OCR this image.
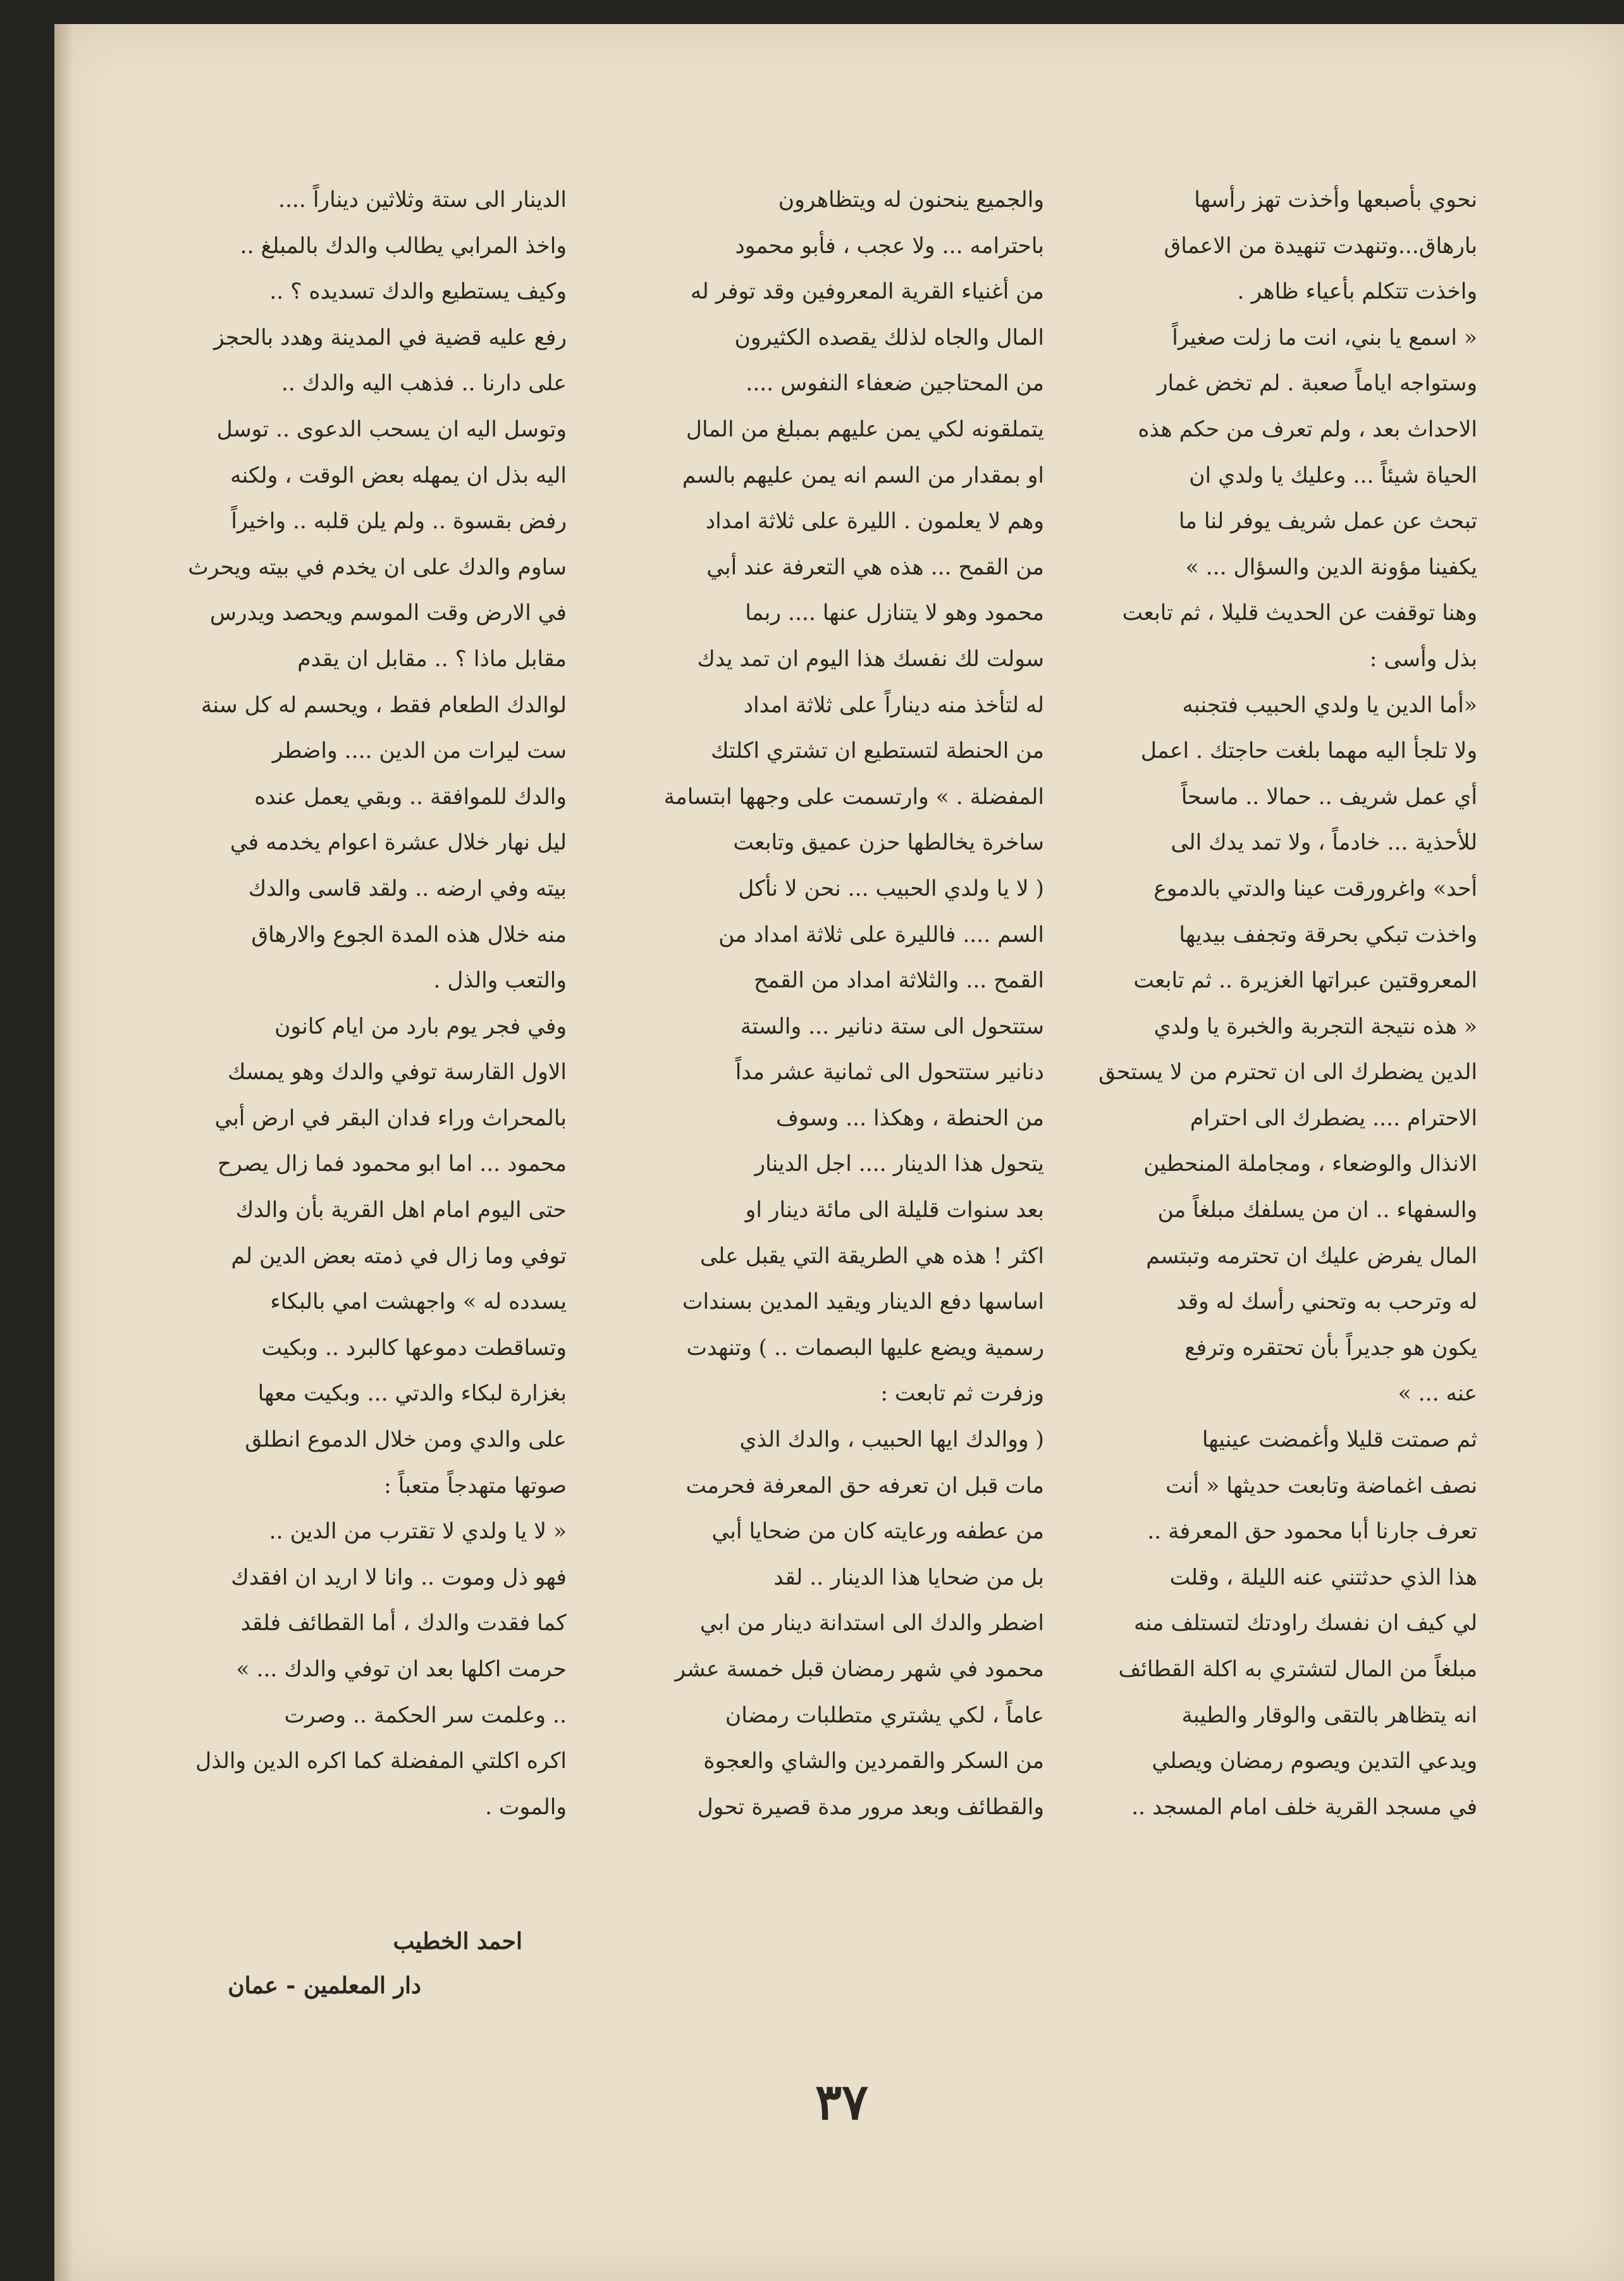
نحوي بأصبعها وأخذت تهز رأسها
بارهاق...وتنهدت تنهيدة من الاعماق
واخذت تتكلم بأعياء ظاهر .
« اسمع يا بني، انت ما زلت صغيراً
وستواجه اياماً صعبة . لم تخض غمار
الاحداث بعد ، ولم تعرف من حكم هذه
الحياة شيئاً ... وعليك يا ولدي ان
تبحث عن عمل شريف يوفر لنا ما
يكفينا مؤونة الدين والسؤال ... »
وهنا توقفت عن الحديث قليلا ، ثم تابعت
بذل وأسى :
«أما الدين يا ولدي الحبيب فتجنبه
ولا تلجأ اليه مهما بلغت حاجتك . اعمل
أي عمل شريف .. حمالا .. ماسحاً
للأحذية ... خادماً ، ولا تمد يدك الى
أحد» واغرورقت عينا والدتي بالدموع
واخذت تبكي بحرقة وتجفف بيديها
المعروقتين عبراتها الغزيرة .. ثم تابعت
« هذه نتيجة التجربة والخبرة يا ولدي
الدين يضطرك الى ان تحترم من لا يستحق
الاحترام .... يضطرك الى احترام
الانذال والوضعاء ، ومجاملة المنحطين
والسفهاء .. ان من يسلفك مبلغاً من
المال يفرض عليك ان تحترمه وتبتسم
له وترحب به وتحني رأسك له وقد
يكون هو جديراً بأن تحتقره وترفع
عنه ... »
ثم صمتت قليلا وأغمضت عينيها
نصف اغماضة وتابعت حديثها « أنت
تعرف جارنا أبا محمود حق المعرفة ..
هذا الذي حدثتني عنه الليلة ، وقلت
لي كيف ان نفسك راودتك لتستلف منه
مبلغاً من المال لتشتري به اكلة القطائف
انه يتظاهر بالتقى والوقار والطيبة
ويدعي التدين ويصوم رمضان ويصلي
في مسجد القرية خلف امام المسجد ..
والجميع ينحنون له ويتظاهرون
باحترامه ... ولا عجب ، فأبو محمود
من أغنياء القرية المعروفين وقد توفر له
المال والجاه لذلك يقصده الكثيرون
من المحتاجين ضعفاء النفوس ....
يتملقونه لكي يمن عليهم بمبلغ من المال
او بمقدار من السم انه يمن عليهم بالسم
وهم لا يعلمون . الليرة على ثلاثة امداد
من القمح ... هذه هي التعرفة عند أبي
محمود وهو لا يتنازل عنها .... ربما
سولت لك نفسك هذا اليوم ان تمد يدك
له لتأخذ منه ديناراً على ثلاثة امداد
من الحنطة لتستطيع ان تشتري اكلتك
المفضلة . » وارتسمت على وجهها ابتسامة
ساخرة يخالطها حزن عميق وتابعت
( لا يا ولدي الحبيب ... نحن لا نأكل
السم .... فالليرة على ثلاثة امداد من
القمح ... والثلاثة امداد من القمح
ستتحول الى ستة دنانير ... والستة
دنانير ستتحول الى ثمانية عشر مداً
من الحنطة ، وهكذا ... وسوف
يتحول هذا الدينار .... اجل الدينار
بعد سنوات قليلة الى مائة دينار او
اكثر ! هذه هي الطريقة التي يقبل على
اساسها دفع الدينار ويقيد المدين بسندات
رسمية ويضع عليها البصمات .. ) وتنهدت
وزفرت ثم تابعت :
( ووالدك ايها الحبيب ، والدك الذي
مات قبل ان تعرفه حق المعرفة فحرمت
من عطفه ورعايته كان من ضحايا أبي
بل من ضحايا هذا الدينار .. لقد
اضطر والدك الى استدانة دينار من ابي
محمود في شهر رمضان قبل خمسة عشر
عاماً ، لكي يشتري متطلبات رمضان
من السكر والقمردين والشاي والعجوة
والقطائف وبعد مرور مدة قصيرة تحول
الدينار الى ستة وثلاثين ديناراً ....
واخذ المرابي يطالب والدك بالمبلغ ..
وكيف يستطيع والدك تسديده ؟ ..
رفع عليه قضية في المدينة وهدد بالحجز
على دارنا .. فذهب اليه والدك ..
وتوسل اليه ان يسحب الدعوى .. توسل
اليه بذل ان يمهله بعض الوقت ، ولكنه
رفض بقسوة .. ولم يلن قلبه .. واخيراً
ساوم والدك على ان يخدم في بيته ويحرث
في الارض وقت الموسم ويحصد ويدرس
مقابل ماذا ؟ .. مقابل ان يقدم
لوالدك الطعام فقط ، ويحسم له كل سنة
ست ليرات من الدين .... واضطر
والدك للموافقة .. وبقي يعمل عنده
ليل نهار خلال عشرة اعوام يخدمه في
بيته وفي ارضه .. ولقد قاسى والدك
منه خلال هذه المدة الجوع والارهاق
والتعب والذل .
وفي فجر يوم بارد من ايام كانون
الاول القارسة توفي والدك وهو يمسك
بالمحراث وراء فدان البقر في ارض أبي
محمود ... اما ابو محمود فما زال يصرح
حتى اليوم امام اهل القرية بأن والدك
توفي وما زال في ذمته بعض الدين لم
يسدده له » واجهشت امي بالبكاء
وتساقطت دموعها كالبرد .. وبكيت
بغزارة لبكاء والدتي ... وبكيت معها
على والدي ومن خلال الدموع انطلق
صوتها متهدجاً متعباً :
« لا يا ولدي لا تقترب من الدين ..
فهو ذل وموت .. وانا لا اريد ان افقدك
كما فقدت والدك ، أما القطائف فلقد
حرمت اكلها بعد ان توفي والدك ... »
.. وعلمت سر الحكمة .. وصرت
اكره اكلتي المفضلة كما اكره الدين والذل
والموت .
احمد الخطيب
دار المعلمين - عمان
٣٧
